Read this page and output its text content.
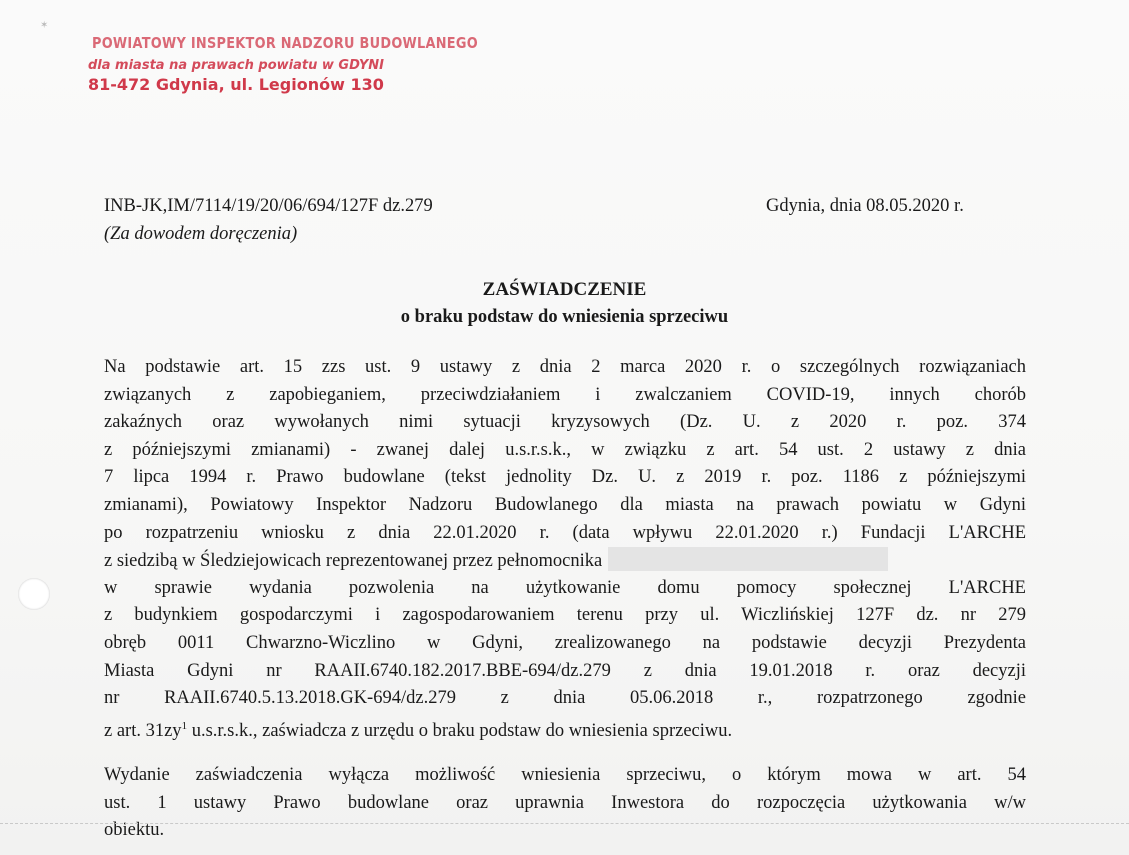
✶
POWIATOWY INSPEKTOR NADZORU BUDOWLANEGO
dla miasta na prawach powiatu w GDYNI
81-472 Gdynia, ul. Legionów 130
INB-JK,IM/7114/19/20/06/694/127F dz.279
(Za dowodem doręczenia)
Gdynia, dnia 08.05.2020 r.
ZAŚWIADCZENIE
o braku podstaw do wniesienia sprzeciwu
Na podstawie art. 15 zzs ust. 9 ustawy z dnia 2 marca 2020 r. o szczególnych rozwiązaniach
związanych z zapobieganiem, przeciwdziałaniem i zwalczaniem COVID-19, innych chorób
zakaźnych oraz wywołanych nimi sytuacji kryzysowych (Dz. U. z 2020 r. poz. 374
z późniejszymi zmianami) - zwanej dalej u.s.r.s.k., w związku z art. 54 ust. 2 ustawy z dnia
7 lipca 1994 r. Prawo budowlane (tekst jednolity Dz. U. z 2019 r. poz. 1186 z późniejszymi
zmianami), Powiatowy Inspektor Nadzoru Budowlanego dla miasta na prawach powiatu w Gdyni
po rozpatrzeniu wniosku z dnia 22.01.2020 r. (data wpływu 22.01.2020 r.) Fundacji L'ARCHE
z siedzibą w Śledziejowicach reprezentowanej przez pełnomocnika
w sprawie wydania pozwolenia na użytkowanie domu pomocy społecznej L'ARCHE
z budynkiem gospodarczymi i zagospodarowaniem terenu przy ul. Wiczlińskiej 127F dz. nr 279
obręb 0011 Chwarzno-Wiczlino w Gdyni, zrealizowanego na podstawie decyzji Prezydenta
Miasta Gdyni nr RAAII.6740.182.2017.BBE-694/dz.279 z dnia 19.01.2018 r. oraz decyzji
nr RAAII.6740.5.13.2018.GK-694/dz.279 z dnia 05.06.2018 r., rozpatrzonego zgodnie
z art. $31zy^1$ u.s.r.s.k., zaświadcza z urzędu o braku podstaw do wniesienia sprzeciwu.
Wydanie zaświadczenia wyłącza możliwość wniesienia sprzeciwu, o którym mowa w art. 54
ust. 1 ustawy Prawo budowlane oraz uprawnia Inwestora do rozpoczęcia użytkowania w/w
obiektu.
